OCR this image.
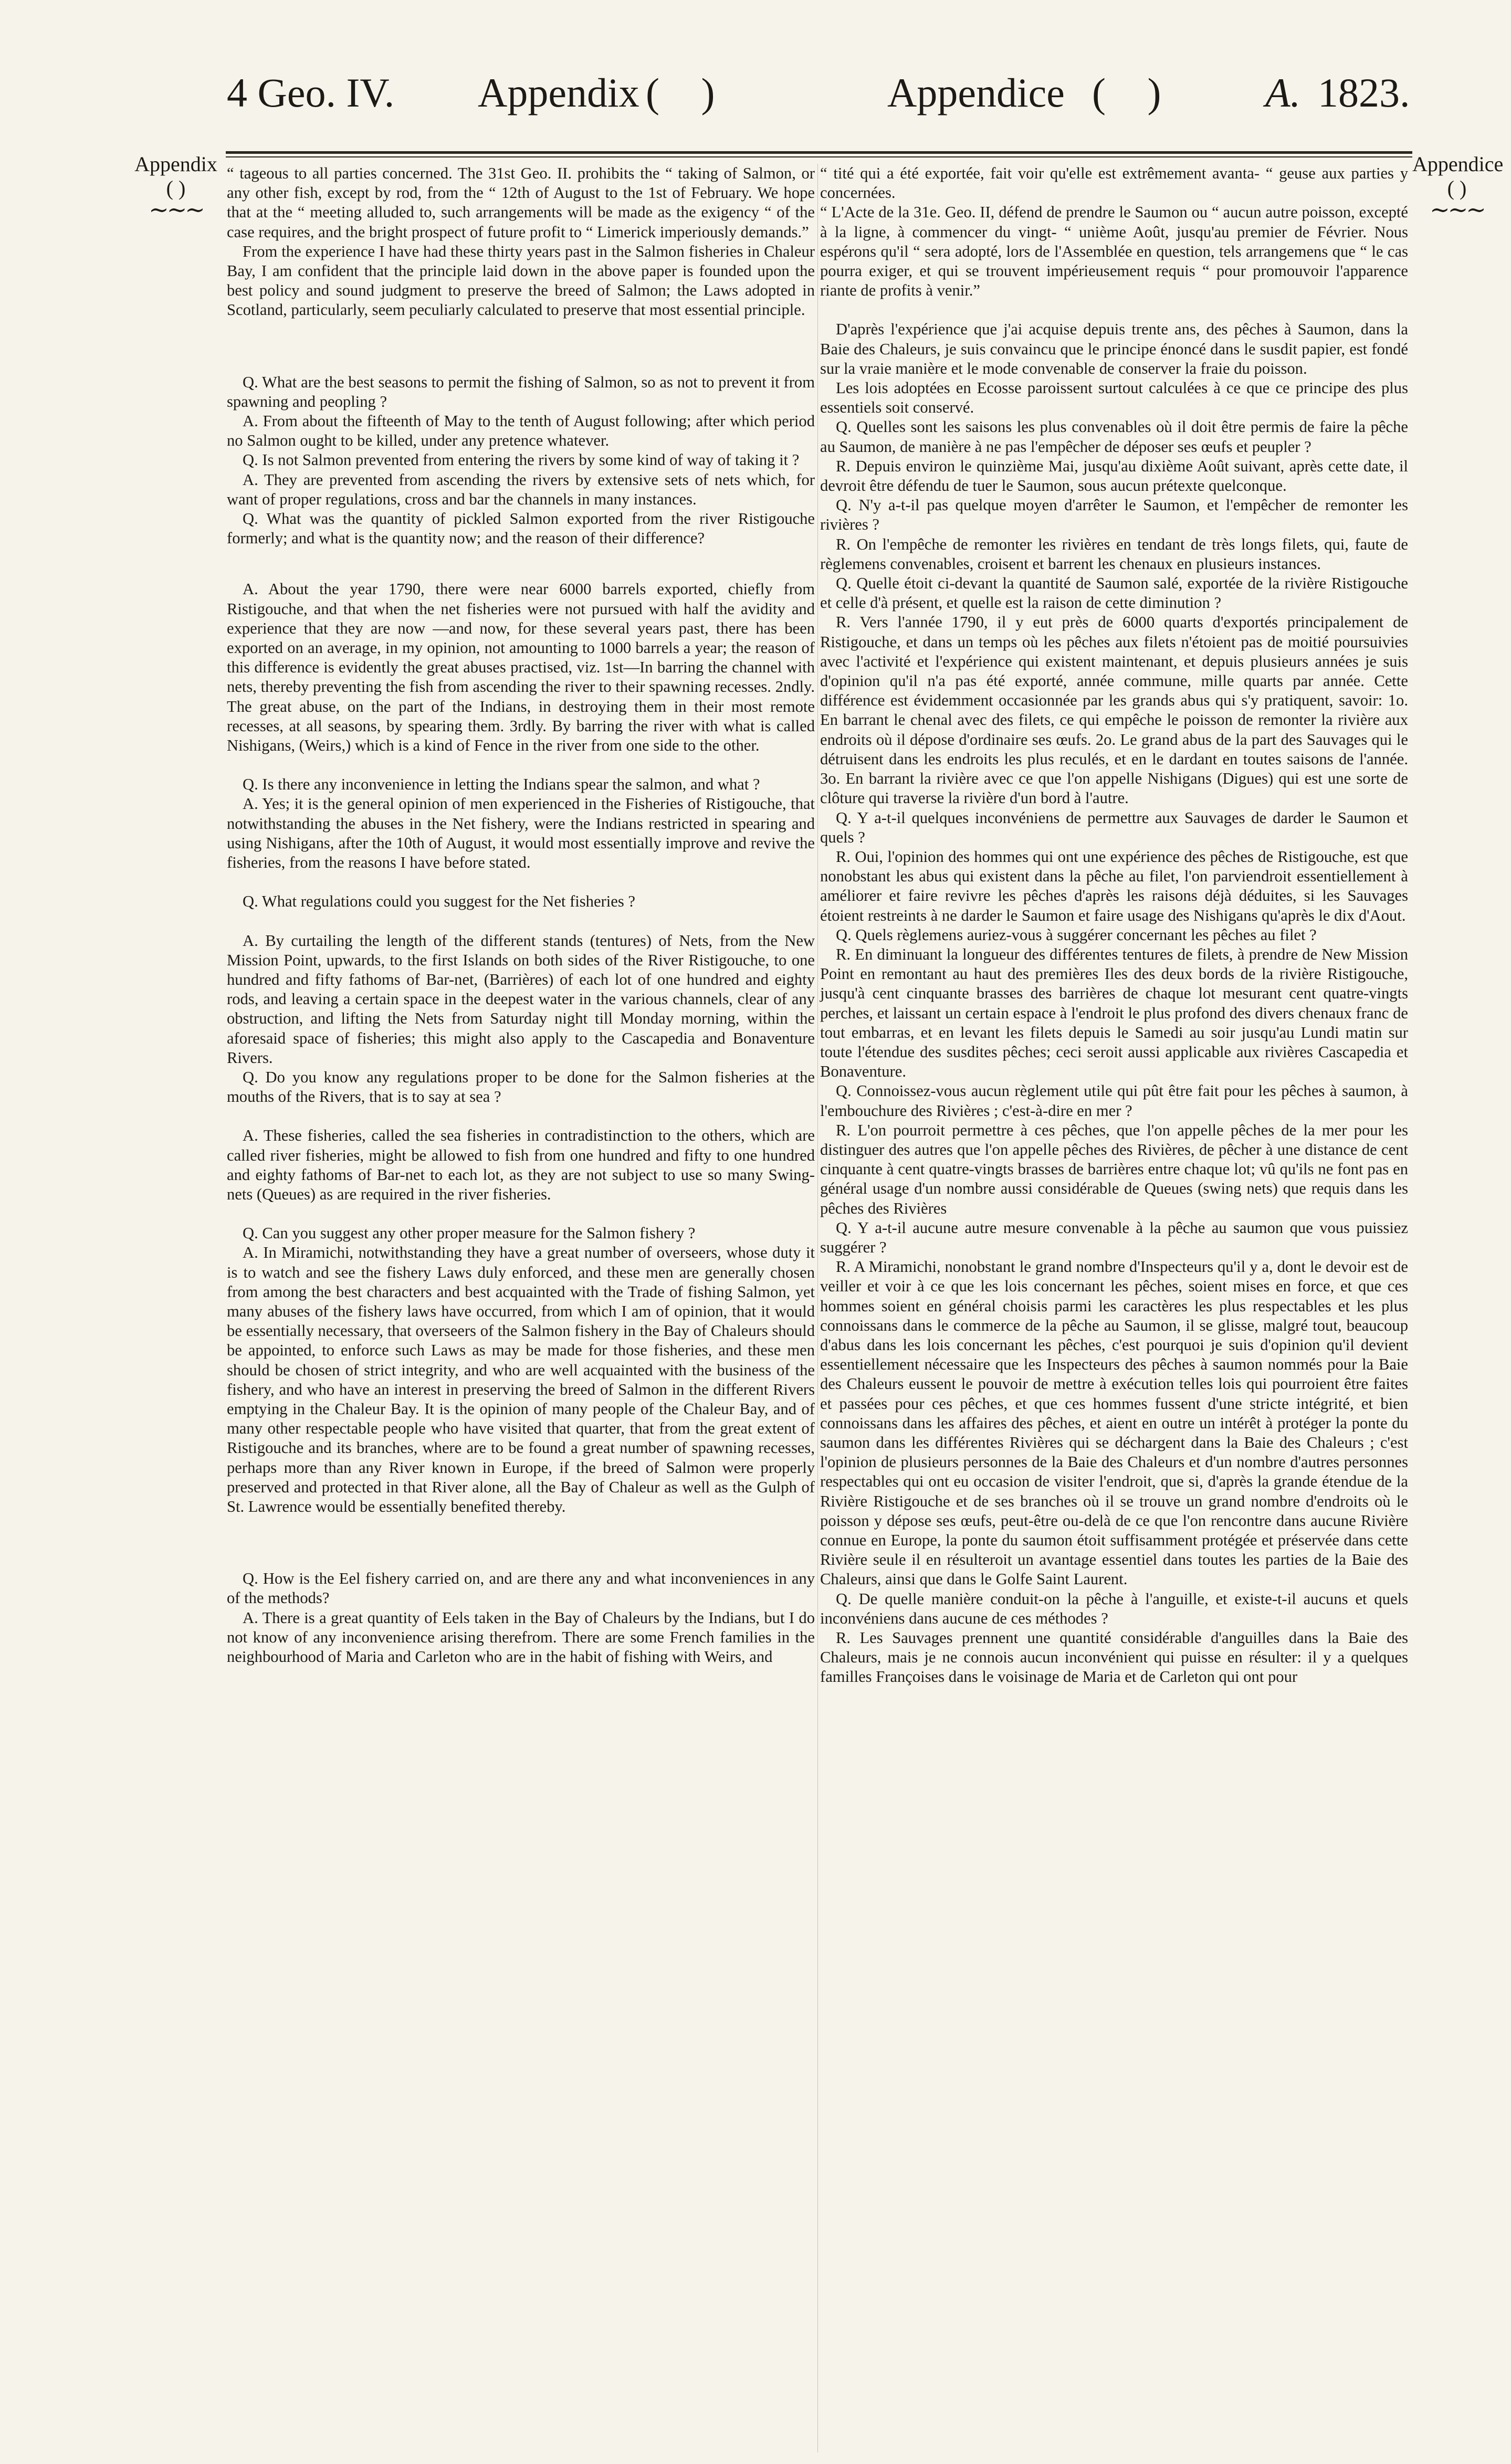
4 Geo. IV. Appendix ( )	Appendice ( ) A. 1823.
Appendix
( )
∼∼∼
Appendice
( )
∼∼∼

“ tageous to all parties concerned. The 31st Geo. II. prohibits the “ taking of Salmon, or any other fish, except by rod, from the “ 12th of August to the 1st of February. We hope that at the “ meeting alluded to, such arrangements will be made as the exigency “ of the case requires, and the bright prospect of future profit to “ Limerick imperiously demands.”

From the experience I have had these thirty years past in the Salmon fisheries in Chaleur Bay, I am confident that the principle laid down in the above paper is founded upon the best policy and sound judgment to preserve the breed of Salmon; the Laws adopted in Scotland, particularly, seem peculiarly calculated to preserve that most essential principle.

Q. What are the best seasons to permit the fishing of Salmon, so as not to prevent it from spawning and peopling ?

A. From about the fifteenth of May to the tenth of August following; after which period no Salmon ought to be killed, under any pretence whatever.

Q. Is not Salmon prevented from entering the rivers by some kind of way of taking it ?

A. They are prevented from ascending the rivers by extensive sets of nets which, for want of proper regulations, cross and bar the channels in many instances.

Q. What was the quantity of pickled Salmon exported from the river Ristigouche formerly; and what is the quantity now; and the reason of their difference?

A. About the year 1790, there were near 6000 barrels exported, chiefly from Ristigouche, and that when the net fisheries were not pursued with half the avidity and experience that they are now —and now, for these several years past, there has been exported on an average, in my opinion, not amounting to 1000 barrels a year; the reason of this difference is evidently the great abuses practised, viz. 1st—In barring the channel with nets, thereby preventing the fish from ascending the river to their spawning recesses. 2ndly. The great abuse, on the part of the Indians, in destroying them in their most remote recesses, at all seasons, by spearing them. 3rdly. By barring the river with what is called Nishigans, (Weirs,) which is a kind of Fence in the river from one side to the other.

Q. Is there any inconvenience in letting the Indians spear the salmon, and what ?

A. Yes; it is the general opinion of men experienced in the Fisheries of Ristigouche, that notwithstanding the abuses in the Net fishery, were the Indians restricted in spearing and using Nishigans, after the 10th of August, it would most essentially improve and revive the fisheries, from the reasons I have before stated.

Q. What regulations could you suggest for the Net fisheries ?

A. By curtailing the length of the different stands (tentures) of Nets, from the New Mission Point, upwards, to the first Islands on both sides of the River Ristigouche, to one hundred and fifty fathoms of Bar-net, (Barrières) of each lot of one hundred and eighty rods, and leaving a certain space in the deepest water in the various channels, clear of any obstruction, and lifting the Nets from Saturday night till Monday morning, within the aforesaid space of fisheries; this might also apply to the Cascapedia and Bonaventure Rivers.

Q. Do you know any regulations proper to be done for the Salmon fisheries at the mouths of the Rivers, that is to say at sea ?

A. These fisheries, called the sea fisheries in contradistinction to the others, which are called river fisheries, might be allowed to fish from one hundred and fifty to one hundred and eighty fathoms of Bar-net to each lot, as they are not subject to use so many Swing-nets (Queues) as are required in the river fisheries.

Q. Can you suggest any other proper measure for the Salmon fishery ?

A. In Miramichi, notwithstanding they have a great number of overseers, whose duty it is to watch and see the fishery Laws duly enforced, and these men are generally chosen from among the best characters and best acquainted with the Trade of fishing Salmon, yet many abuses of the fishery laws have occurred, from which I am of opinion, that it would be essentially necessary, that overseers of the Salmon fishery in the Bay of Chaleurs should be appointed, to enforce such Laws as may be made for those fisheries, and these men should be chosen of strict integrity, and who are well acquainted with the business of the fishery, and who have an interest in preserving the breed of Salmon in the different Rivers emptying in the Chaleur Bay. It is the opinion of many people of the Chaleur Bay, and of many other respectable people who have visited that quarter, that from the great extent of Ristigouche and its branches, where are to be found a great number of spawning recesses, perhaps more than any River known in Europe, if the breed of Salmon were properly preserved and protected in that River alone, all the Bay of Chaleur as well as the Gulph of St. Lawrence would be essentially benefited thereby.

Q. How is the Eel fishery carried on, and are there any and what inconveniences in any of the methods?

A. There is a great quantity of Eels taken in the Bay of Chaleurs by the Indians, but I do not know of any inconvenience arising therefrom. There are some French families in the neighbourhood of Maria and Carleton who are in the habit of fishing with Weirs, and

“ tité qui a été exportée, fait voir qu'elle est extrêmement avanta- “ geuse aux parties y concernées.

“ L'Acte de la 31e. Geo. II, défend de prendre le Saumon ou “ aucun autre poisson, excepté à la ligne, à commencer du vingt- “ unième Août, jusqu'au premier de Février. Nous espérons qu'il “ sera adopté, lors de l'Assemblée en question, tels arrangemens que “ le cas pourra exiger, et qui se trouvent impérieusement requis “ pour promouvoir l'apparence riante de profits à venir.”

D'après l'expérience que j'ai acquise depuis trente ans, des pêches à Saumon, dans la Baie des Chaleurs, je suis convaincu que le principe énoncé dans le susdit papier, est fondé sur la vraie manière et le mode convenable de conserver la fraie du poisson.

Les lois adoptées en Ecosse paroissent surtout calculées à ce que ce principe des plus essentiels soit conservé.

Q. Quelles sont les saisons les plus convenables où il doit être permis de faire la pêche au Saumon, de manière à ne pas l'empêcher de déposer ses œufs et peupler ?

R. Depuis environ le quinzième Mai, jusqu'au dixième Août suivant, après cette date, il devroit être défendu de tuer le Saumon, sous aucun prétexte quelconque.

Q. N'y a-t-il pas quelque moyen d'arrêter le Saumon, et l'empêcher de remonter les rivières ?

R. On l'empêche de remonter les rivières en tendant de très longs filets, qui, faute de règlemens convenables, croisent et barrent les chenaux en plusieurs instances.

Q. Quelle étoit ci-devant la quantité de Saumon salé, exportée de la rivière Ristigouche et celle d'à présent, et quelle est la raison de cette diminution ?

R. Vers l'année 1790, il y eut près de 6000 quarts d'exportés principalement de Ristigouche, et dans un temps où les pêches aux filets n'étoient pas de moitié poursuivies avec l'activité et l'expérience qui existent maintenant, et depuis plusieurs années je suis d'opinion qu'il n'a pas été exporté, année commune, mille quarts par année. Cette différence est évidemment occasionnée par les grands abus qui s'y pratiquent, savoir: 1o. En barrant le chenal avec des filets, ce qui empêche le poisson de remonter la rivière aux endroits où il dépose d'ordinaire ses œufs. 2o. Le grand abus de la part des Sauvages qui le détruisent dans les endroits les plus reculés, et en le dardant en toutes saisons de l'année. 3o. En barrant la rivière avec ce que l'on appelle Nishigans (Digues) qui est une sorte de clôture qui traverse la rivière d'un bord à l'autre.

Q. Y a-t-il quelques inconvéniens de permettre aux Sauvages de darder le Saumon et quels ?

R. Oui, l'opinion des hommes qui ont une expérience des pêches de Ristigouche, est que nonobstant les abus qui existent dans la pêche au filet, l'on parviendroit essentiellement à améliorer et faire revivre les pêches d'après les raisons déjà déduites, si les Sauvages étoient restreints à ne darder le Saumon et faire usage des Nishigans qu'après le dix d'Aout.

Q. Quels règlemens auriez-vous à suggérer concernant les pêches au filet ?

R. En diminuant la longueur des différentes tentures de filets, à prendre de New Mission Point en remontant au haut des premières Iles des deux bords de la rivière Ristigouche, jusqu'à cent cinquante brasses des barrières de chaque lot mesurant cent quatre-vingts perches, et laissant un certain espace à l'endroit le plus profond des divers chenaux franc de tout embarras, et en levant les filets depuis le Samedi au soir jusqu'au Lundi matin sur toute l'étendue des susdites pêches; ceci seroit aussi applicable aux rivières Cascapedia et Bonaventure.

Q. Connoissez-vous aucun règlement utile qui pût être fait pour les pêches à saumon, à l'embouchure des Rivières ; c'est-à-dire en mer ?

R. L'on pourroit permettre à ces pêches, que l'on appelle pêches de la mer pour les distinguer des autres que l'on appelle pêches des Rivières, de pêcher à une distance de cent cinquante à cent quatre-vingts brasses de barrières entre chaque lot; vû qu'ils ne font pas en général usage d'un nombre aussi considérable de Queues (swing nets) que requis dans les pêches des Rivières

Q. Y a-t-il aucune autre mesure convenable à la pêche au saumon que vous puissiez suggérer ?

R. A Miramichi, nonobstant le grand nombre d'Inspecteurs qu'il y a, dont le devoir est de veiller et voir à ce que les lois concernant les pêches, soient mises en force, et que ces hommes soient en général choisis parmi les caractères les plus respectables et les plus connoissans dans le commerce de la pêche au Saumon, il se glisse, malgré tout, beaucoup d'abus dans les lois concernant les pêches, c'est pourquoi je suis d'opinion qu'il devient essentiellement nécessaire que les Inspecteurs des pêches à saumon nommés pour la Baie des Chaleurs eussent le pouvoir de mettre à exécution telles lois qui pourroient être faites et passées pour ces pêches, et que ces hommes fussent d'une stricte intégrité, et bien connoissans dans les affaires des pêches, et aient en outre un intérêt à protéger la ponte du saumon dans les différentes Rivières qui se déchargent dans la Baie des Chaleurs ; c'est l'opinion de plusieurs personnes de la Baie des Chaleurs et d'un nombre d'autres personnes respectables qui ont eu occasion de visiter l'endroit, que si, d'après la grande étendue de la Rivière Ristigouche et de ses branches où il se trouve un grand nombre d'endroits où le poisson y dépose ses œufs, peut-être ou-delà de ce que l'on rencontre dans aucune Rivière connue en Europe, la ponte du saumon étoit suffisamment protégée et préservée dans cette Rivière seule il en résulteroit un avantage essentiel dans toutes les parties de la Baie des Chaleurs, ainsi que dans le Golfe Saint Laurent.

Q. De quelle manière conduit-on la pêche à l'anguille, et existe-t-il aucuns et quels inconvéniens dans aucune de ces méthodes ?

R. Les Sauvages prennent une quantité considérable d'anguilles dans la Baie des Chaleurs, mais je ne connois aucun inconvénient qui puisse en résulter: il y a quelques familles Françoises dans le voisinage de Maria et de Carleton qui ont pour
